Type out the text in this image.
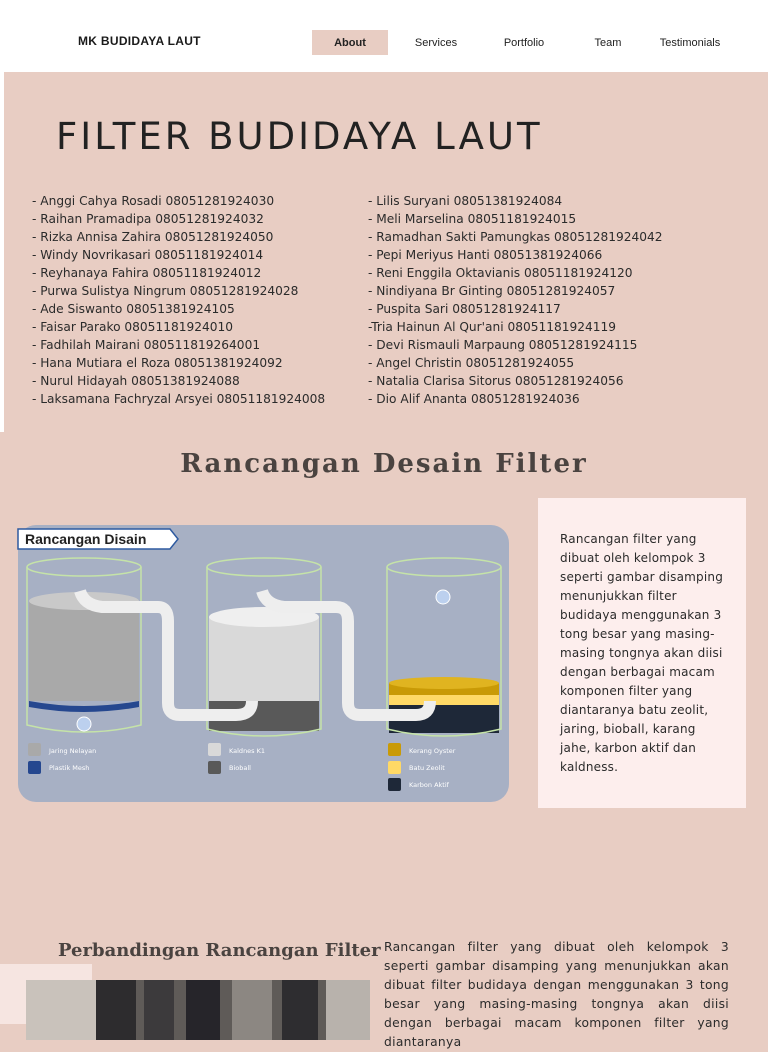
MK BUDIDAYA LAUT	About	Services	Portfolio	Team	Testimonials
FILTER BUDIDAYA LAUT
- Anggi Cahya Rosadi 08051281924030
- Raihan Pramadipa 08051281924032
- Rizka Annisa Zahira 08051281924050
- Windy Novrikasari 08051181924014
- Reyhanaya Fahira 08051181924012
- Purwa Sulistya Ningrum 08051281924028
- Ade Siswanto 08051381924105
- Faisar Parako 08051181924010
- Fadhilah Mairani 080511819264001
- Hana Mutiara el Roza 08051381924092
- Nurul Hidayah 08051381924088
- Laksamana Fachryzal Arsyei 08051181924008
- Lilis Suryani 08051381924084
- Meli Marselina 08051181924015
- Ramadhan Sakti Pamungkas 08051281924042
- Pepi Meriyus Hanti 08051381924066
- Reni Enggila Oktavianis 08051181924120
- Nindiyana Br Ginting 08051281924057
- Puspita Sari 08051281924117
-Tria Hainun Al Qur'ani 08051181924119
- Devi Rismauli Marpaung 08051281924115
- Angel Christin 08051281924055
- Natalia Clarisa Sitorus 08051281924056
- Dio Alif Ananta 08051281924036
Rancangan Desain Filter
Rancangan Disain
Jaring Nelayan
Plastik Mesh
Kaldnes K1
Bioball
Kerang Oyster
Batu Zeolit
Karbon Aktif

Rancangan filter yang dibuat oleh kelompok 3 seperti gambar disamping menunjukkan filter budidaya menggunakan 3 tong besar yang masing-masing tongnya akan diisi dengan berbagai macam komponen filter yang diantaranya batu zeolit, jaring, bioball, karang jahe, karbon aktif dan kaldness.

Perbandingan Rancangan Filter Rancangan filter yang dibuat oleh kelompok 3 seperti gambar disamping yang menunjukkan akan dibuat filter budidaya dengan menggunakan 3 tong besar yang masing-masing tongnya akan diisi dengan berbagai macam komponen filter yang diantaranya
